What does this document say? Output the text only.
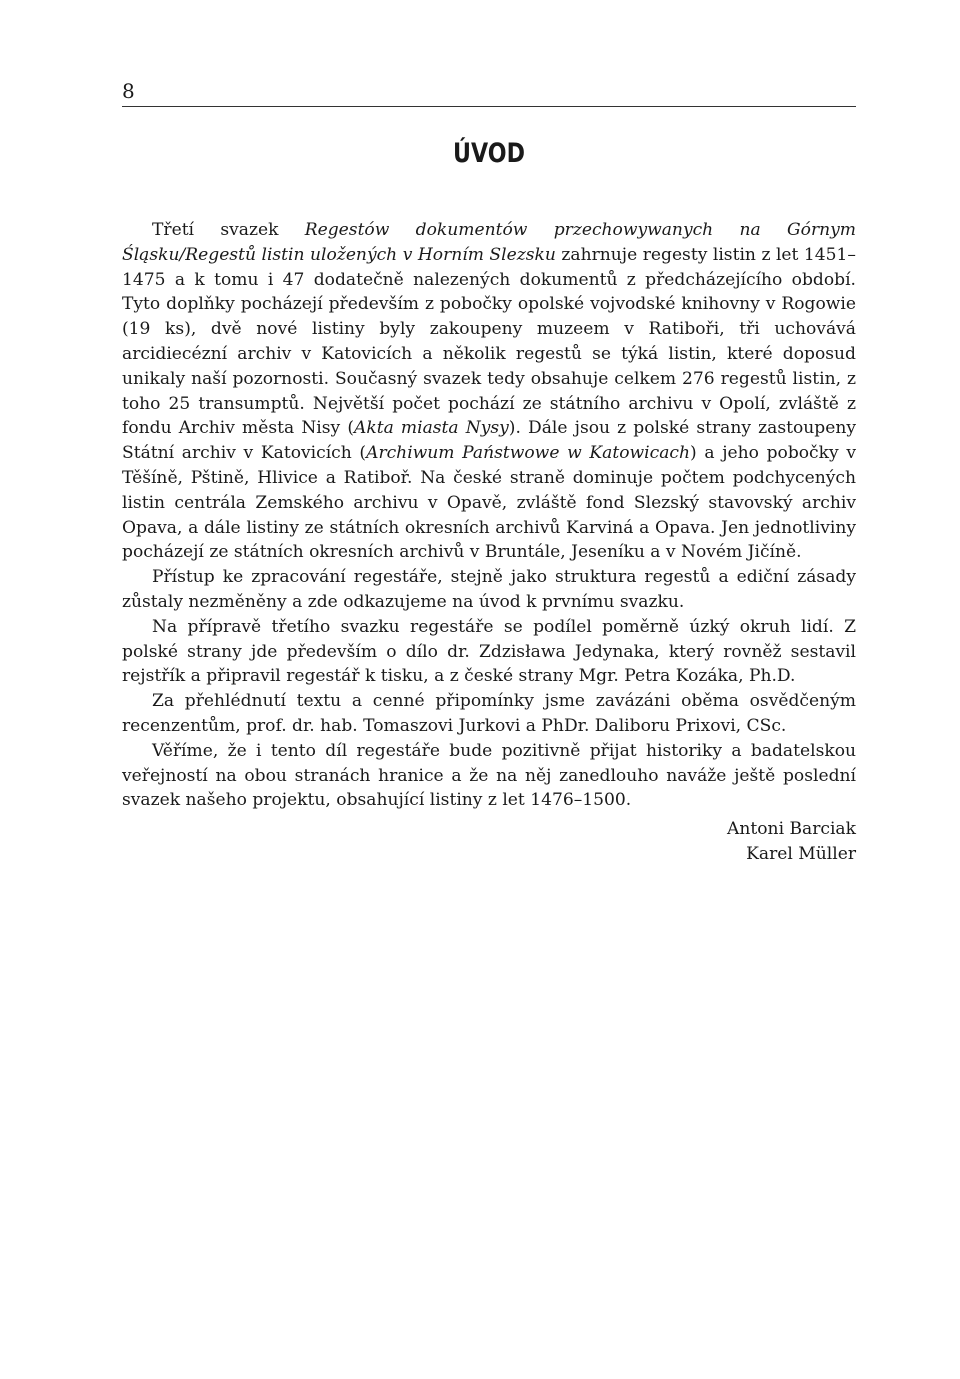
8
ÚVOD

Třetí svazek Regestów dokumentów przechowywanych na Górnym Śląsku/Regestů listin uložených v Horním Slezsku zahrnuje regesty listin z let 1451–1475 a k tomu i 47 dodatečně nalezených dokumentů z předcházejícího období. Tyto doplňky pocházejí především z pobočky opolské vojvodské knihovny v Rogowie (19 ks), dvě nové listiny byly zakoupeny muzeem v Ratiboři, tři uchovává arcidiecézní archiv v Katovicích a několik regestů se týká listin, které doposud unikaly naší pozornosti. Současný svazek tedy obsahuje celkem 276 regestů listin, z toho 25 transumptů. Největší počet pochází ze státního archivu v Opolí, zvláště z fondu Archiv města Nisy (Akta miasta Nysy). Dále jsou z polské strany zastoupeny Státní archiv v Katovicích (Archiwum Państwowe w Katowicach) a jeho pobočky v Těšíně, Pštině, Hlivice a Ratiboř. Na české straně dominuje počtem podchycených listin centrála Zemského archivu v Opavě, zvláště fond Slezský stavovský archiv Opava, a dále listiny ze státních okresních archivů Karviná a Opava. Jen jednotliviny pocházejí ze státních okresních archivů v Bruntále, Jeseníku a v Novém Jičíně.

Přístup ke zpracování regestáře, stejně jako struktura regestů a ediční zásady zůstaly nezměněny a zde odkazujeme na úvod k prvnímu svazku.

Na přípravě třetího svazku regestáře se podílel poměrně úzký okruh lidí. Z polské strany jde především o dílo dr. Zdzisława Jedynaka, který rovněž sestavil rejstřík a připravil regestář k tisku, a z české strany Mgr. Petra Kozáka, Ph.D.

Za přehlédnutí textu a cenné připomínky jsme zavázáni oběma osvědčeným recenzentům, prof. dr. hab. Tomaszovi Jurkovi a PhDr. Daliboru Prixovi, CSc.

Věříme, že i tento díl regestáře bude pozitivně přijat historiky a badatelskou veřejností na obou stranách hranice a že na něj zanedlouho naváže ještě poslední svazek našeho projektu, obsahující listiny z let 1476–1500.

Antoni Barciak
Karel Müller
